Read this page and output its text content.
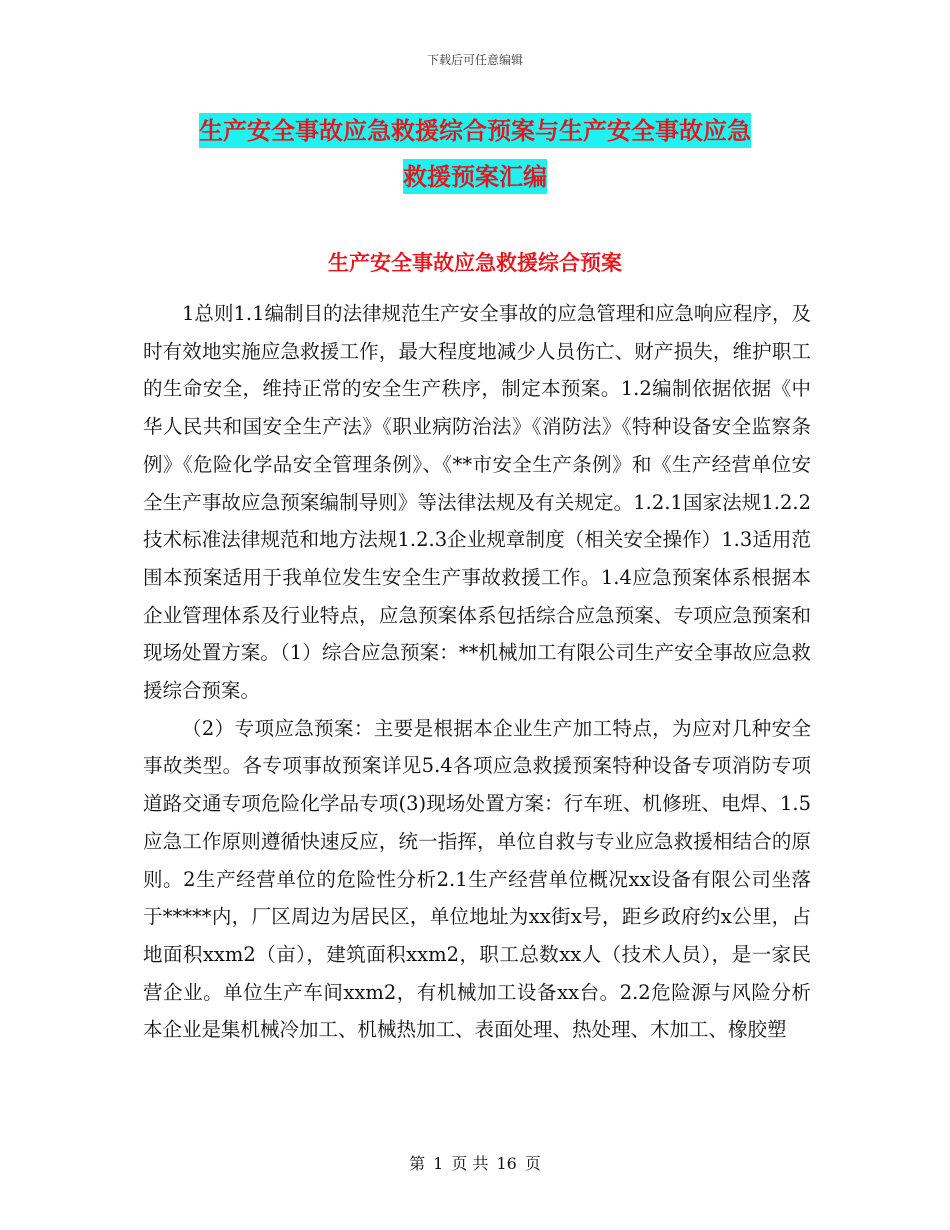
下载后可任意编辑
生产安全事故应急救援综合预案与生产安全事故应急
救援预案汇编
生产安全事故应急救援综合预案

1总则1.1编制目的法律规范生产安全事故的应急管理和应急响应程序，及时有效地实施应急救援工作，最大程度地减少人员伤亡、财产损失，维护职工的生命安全，维持正常的安全生产秩序，制定本预案。1.2编制依据依据《中华人民共和国安全生产法》《职业病防治法》《消防法》《特种设备安全监察条例》《危险化学品安全管理条例》、《**市安全生产条例》和《生产经营单位安全生产事故应急预案编制导则》等法律法规及有关规定。1.2.1国家法规1.2.2技术标准法律规范和地方法规1.2.3企业规章制度（相关安全操作）1.3适用范围本预案适用于我单位发生安全生产事故救援工作。1.4应急预案体系根据本企业管理体系及行业特点，应急预案体系包括综合应急预案、专项应急预案和现场处置方案。（1）综合应急预案：**机械加工有限公司生产安全事故应急救援综合预案。

（2）专项应急预案：主要是根据本企业生产加工特点，为应对几种安全事故类型。各专项事故预案详见5.4各项应急救援预案特种设备专项消防专项道路交通专项危险化学品专项(3)现场处置方案：行车班、机修班、电焊、1.5应急工作原则遵循快速反应，统一指挥，单位自救与专业应急救援相结合的原则。2生产经营单位的危险性分析2.1生产经营单位概况xx设备有限公司坐落于*****内，厂区周边为居民区，单位地址为xx街x号，距乡政府约x公里，占地面积xxm2（亩），建筑面积xxm2，职工总数xx人（技术人员），是一家民营企业。单位生产车间xxm2，有机械加工设备xx台。2.2危险源与风险分析本企业是集机械冷加工、机械热加工、表面处理、热处理、木加工、橡胶塑

第 1 页 共 16 页
